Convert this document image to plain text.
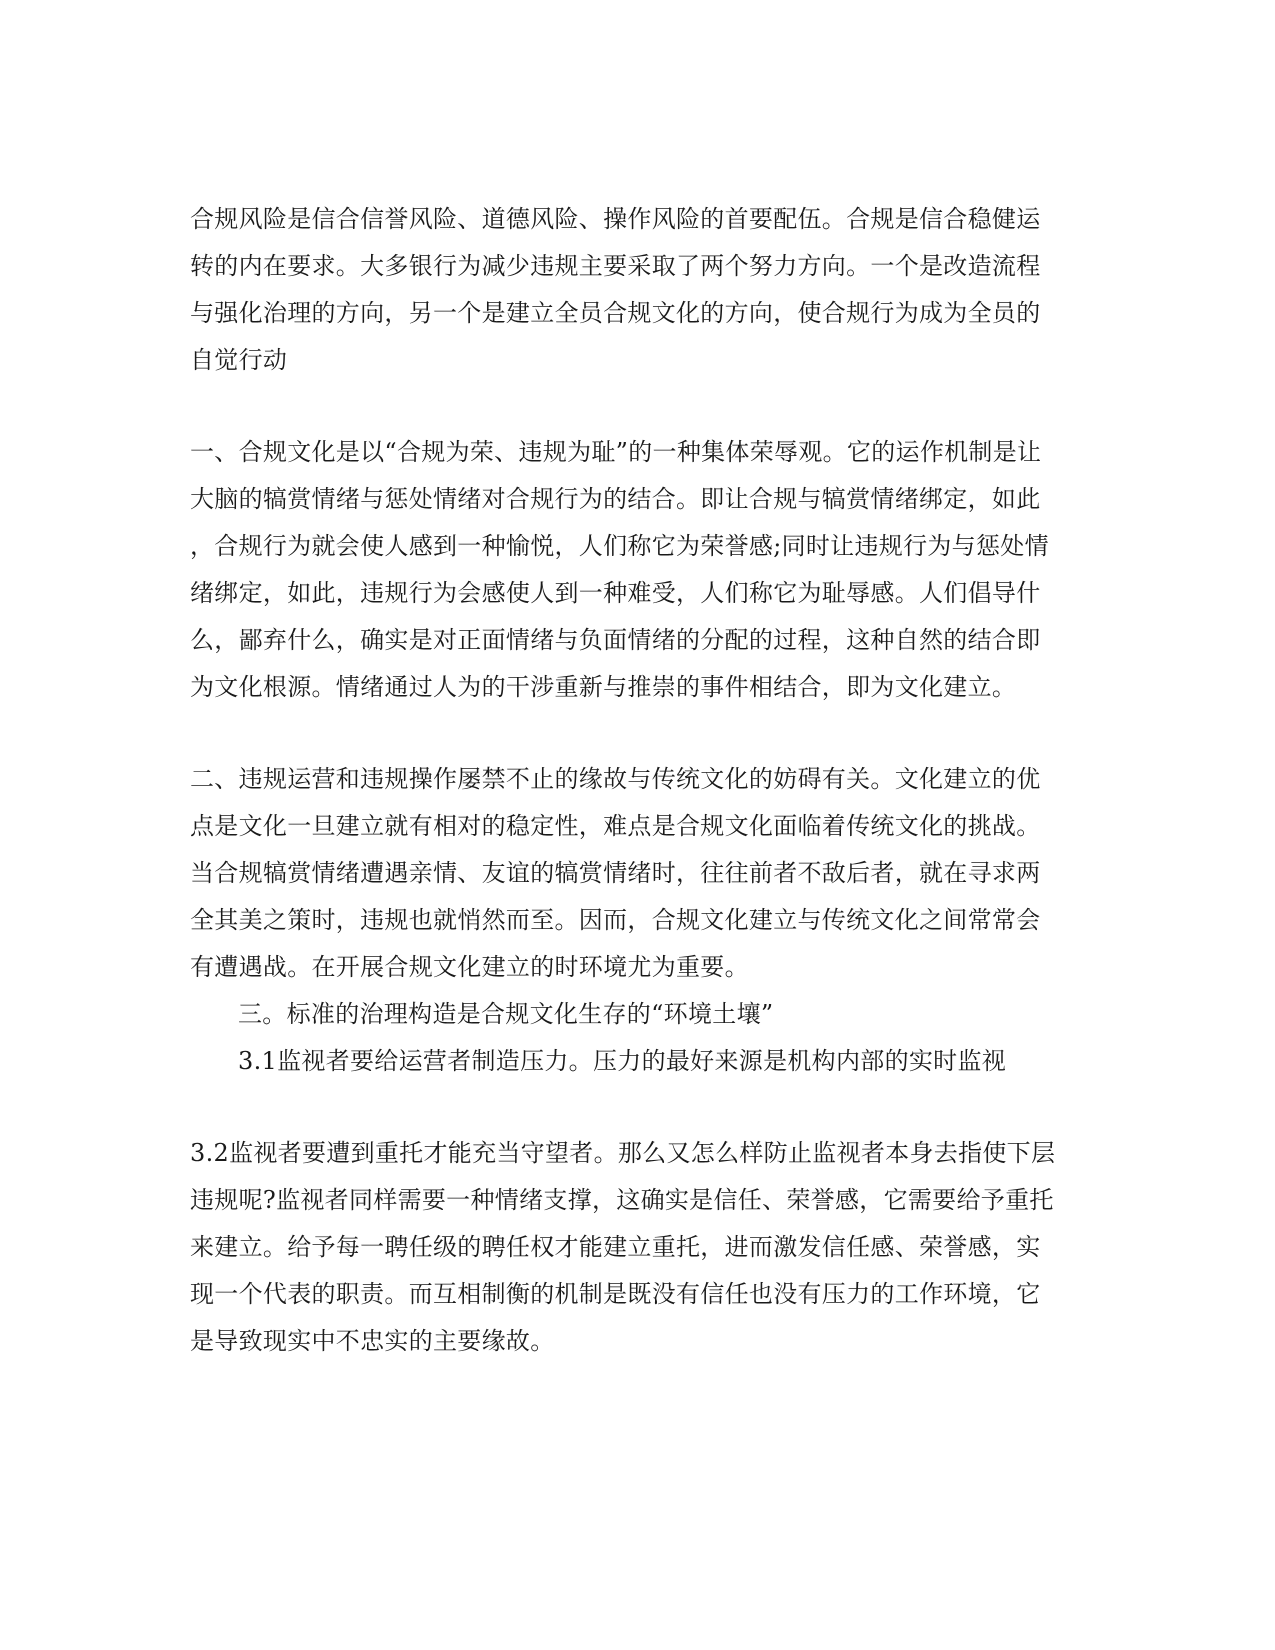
合规风险是信合信誉风险、道德风险、操作风险的首要配伍。合规是信合稳健运
转的内在要求。大多银行为减少违规主要采取了两个努力方向。一个是改造流程
与强化治理的方向，另一个是建立全员合规文化的方向，使合规行为成为全员的
自觉行动
一、合规文化是以“合规为荣、违规为耻”的一种集体荣辱观。它的运作机制是让
大脑的犒赏情绪与惩处情绪对合规行为的结合。即让合规与犒赏情绪绑定，如此
，合规行为就会使人感到一种愉悦，人们称它为荣誉感;同时让违规行为与惩处情
绪绑定，如此，违规行为会感使人到一种难受，人们称它为耻辱感。人们倡导什
么，鄙弃什么，确实是对正面情绪与负面情绪的分配的过程，这种自然的结合即
为文化根源。情绪通过人为的干涉重新与推崇的事件相结合，即为文化建立。
二、违规运营和违规操作屡禁不止的缘故与传统文化的妨碍有关。文化建立的优
点是文化一旦建立就有相对的稳定性，难点是合规文化面临着传统文化的挑战。
当合规犒赏情绪遭遇亲情、友谊的犒赏情绪时，往往前者不敌后者，就在寻求两
全其美之策时，违规也就悄然而至。因而，合规文化建立与传统文化之间常常会
有遭遇战。在开展合规文化建立的时环境尤为重要。
三。标准的治理构造是合规文化生存的“环境土壤”
3.1监视者要给运营者制造压力。压力的最好来源是机构内部的实时监视
3.2监视者要遭到重托才能充当守望者。那么又怎么样防止监视者本身去指使下层
违规呢?监视者同样需要一种情绪支撑，这确实是信任、荣誉感，它需要给予重托
来建立。给予每一聘任级的聘任权才能建立重托，进而激发信任感、荣誉感，实
现一个代表的职责。而互相制衡的机制是既没有信任也没有压力的工作环境，它
是导致现实中不忠实的主要缘故。
